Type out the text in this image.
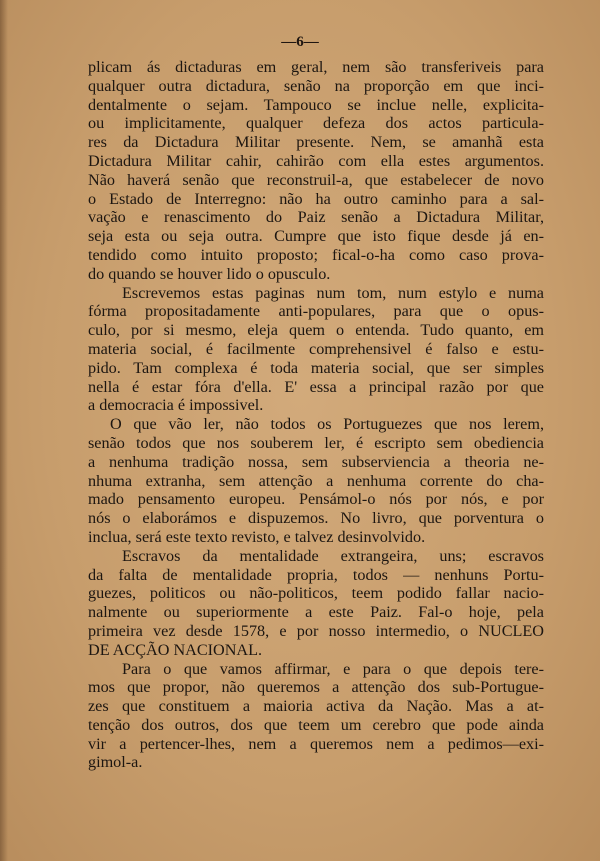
—6—
plicam ás dictaduras em geral, nem são transferiveis para
qualquer outra dictadura, senão na proporção em que inci-
dentalmente o sejam. Tampouco se inclue nelle, explicita-
ou implicitamente, qualquer defeza dos actos particula-
res da Dictadura Militar presente. Nem, se amanhã esta
Dictadura Militar cahir, cahirão com ella estes argumentos.
Não haverá senão que reconstruil-a, que estabelecer de novo
o Estado de Interregno: não ha outro caminho para a sal-
vação e renascimento do Paiz senão a Dictadura Militar,
seja esta ou seja outra. Cumpre que isto fique desde já en-
tendido como intuito proposto; fical-o-ha como caso prova-
do quando se houver lido o opusculo.
Escrevemos estas paginas num tom, num estylo e numa
fórma propositadamente anti-populares, para que o opus-
culo, por si mesmo, eleja quem o entenda. Tudo quanto, em
materia social, é facilmente comprehensivel é falso e estu-
pido. Tam complexa é toda materia social, que ser simples
nella é estar fóra d'ella. E' essa a principal razão por que
a democracia é impossivel.
O que vão ler, não todos os Portuguezes que nos lerem,
senão todos que nos souberem ler, é escripto sem obediencia
a nenhuma tradição nossa, sem subserviencia a theoria ne-
nhuma extranha, sem attenção a nenhuma corrente do cha-
mado pensamento europeu. Pensámol-o nós por nós, e por
nós o elaborámos e dispuzemos. No livro, que porventura o
inclua, será este texto revisto, e talvez desinvolvido.
Escravos da mentalidade extrangeira, uns; escravos
da falta de mentalidade propria, todos — nenhuns Portu-
guezes, politicos ou não-politicos, teem podido fallar nacio-
nalmente ou superiormente a este Paiz. Fal-o hoje, pela
primeira vez desde 1578, e por nosso intermedio, o NUCLEO
DE ACÇÃO NACIONAL.
Para o que vamos affirmar, e para o que depois tere-
mos que propor, não queremos a attenção dos sub-Portugue-
zes que constituem a maioria activa da Nação. Mas a at-
tenção dos outros, dos que teem um cerebro que pode ainda
vir a pertencer-lhes, nem a queremos nem a pedimos—exi-
gimol-a.
